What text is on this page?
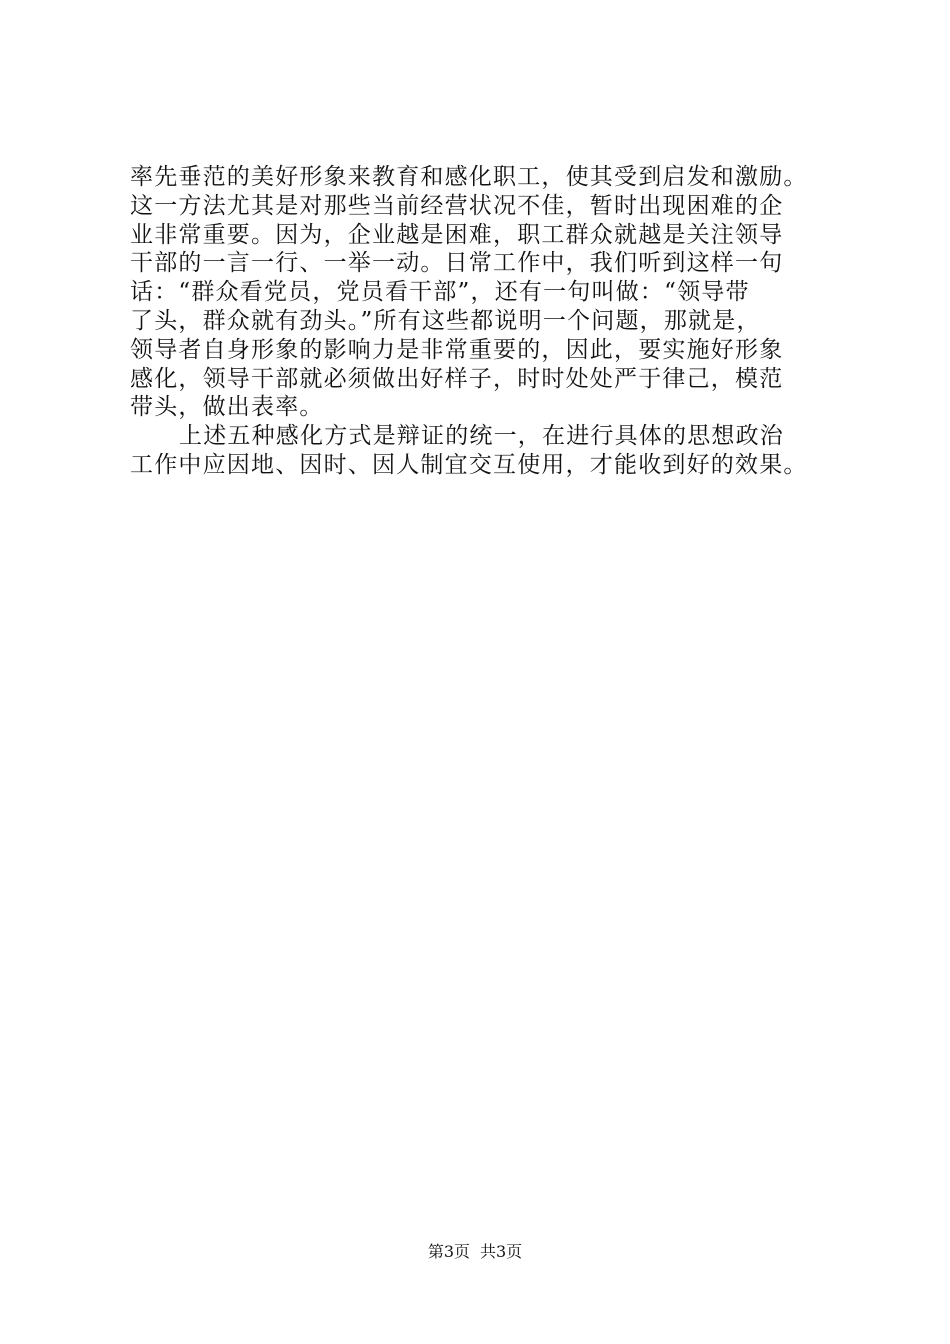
率先垂范的美好形象来教育和感化职工，使其受到启发和激励。
这一方法尤其是对那些当前经营状况不佳，暂时出现困难的企
业非常重要。因为，企业越是困难，职工群众就越是关注领导
干部的一言一行、一举一动。日常工作中，我们听到这样一句
话：“群众看党员，党员看干部”，还有一句叫做：“领导带
了头，群众就有劲头。”所有这些都说明一个问题，那就是，
领导者自身形象的影响力是非常重要的，因此，要实施好形象
感化，领导干部就必须做出好样子，时时处处严于律己，模范
带头，做出表率。
上述五种感化方式是辩证的统一，在进行具体的思想政治
工作中应因地、因时、因人制宜交互使用，才能收到好的效果。
第3页 共3页
